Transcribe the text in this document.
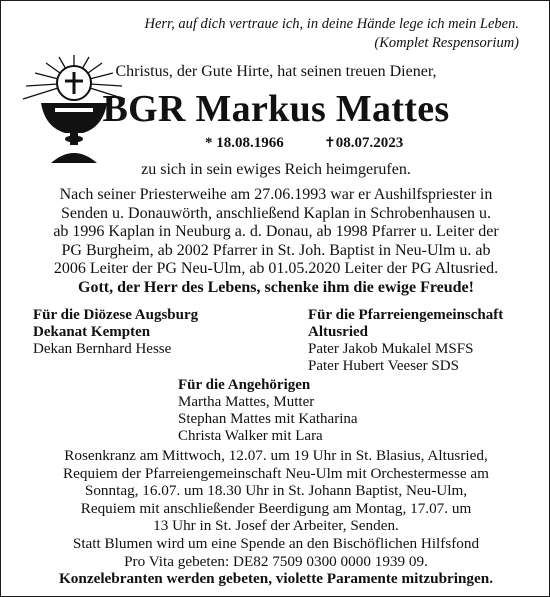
Herr, auf dich vertraue ich, in deine Hände lege ich mein Leben.
(Komplet Respensorium)
Christus, der Gute Hirte, hat seinen treuen Diener,
BGR Markus Mattes
* 18.08.1966	✝08.07.2023
zu sich in sein ewiges Reich heimgerufen.
Nach seiner Priesterweihe am 27.06.1993 war er Aushilfspriester in
Senden u. Donauwörth, anschließend Kaplan in Schrobenhausen u.
ab 1996 Kaplan in Neuburg a. d. Donau, ab 1998 Pfarrer u. Leiter der
PG Burgheim, ab 2002 Pfarrer in St. Joh. Baptist in Neu-Ulm u. ab
2006 Leiter der PG Neu-Ulm, ab 01.05.2020 Leiter der PG Altusried.
Gott, der Herr des Lebens, schenke ihm die ewige Freude!
Für die Diözese Augsburg
Dekanat Kempten
Dekan Bernhard Hesse
Für die Pfarreiengemeinschaft
Altusried
Pater Jakob Mukalel MSFS
Pater Hubert Veeser SDS
Für die Angehörigen
Martha Mattes, Mutter
Stephan Mattes mit Katharina
Christa Walker mit Lara
Rosenkranz am Mittwoch, 12.07. um 19 Uhr in St. Blasius, Altusried,
Requiem der Pfarreiengemeinschaft Neu-Ulm mit Orchestermesse am
Sonntag, 16.07. um 18.30 Uhr in St. Johann Baptist, Neu-Ulm,
Requiem mit anschließender Beerdigung am Montag, 17.07. um
13 Uhr in St. Josef der Arbeiter, Senden.
Statt Blumen wird um eine Spende an den Bischöflichen Hilfsfond
Pro Vita gebeten: DE82 7509 0300 0000 1939 09.
Konzelebranten werden gebeten, violette Paramente mitzubringen.
